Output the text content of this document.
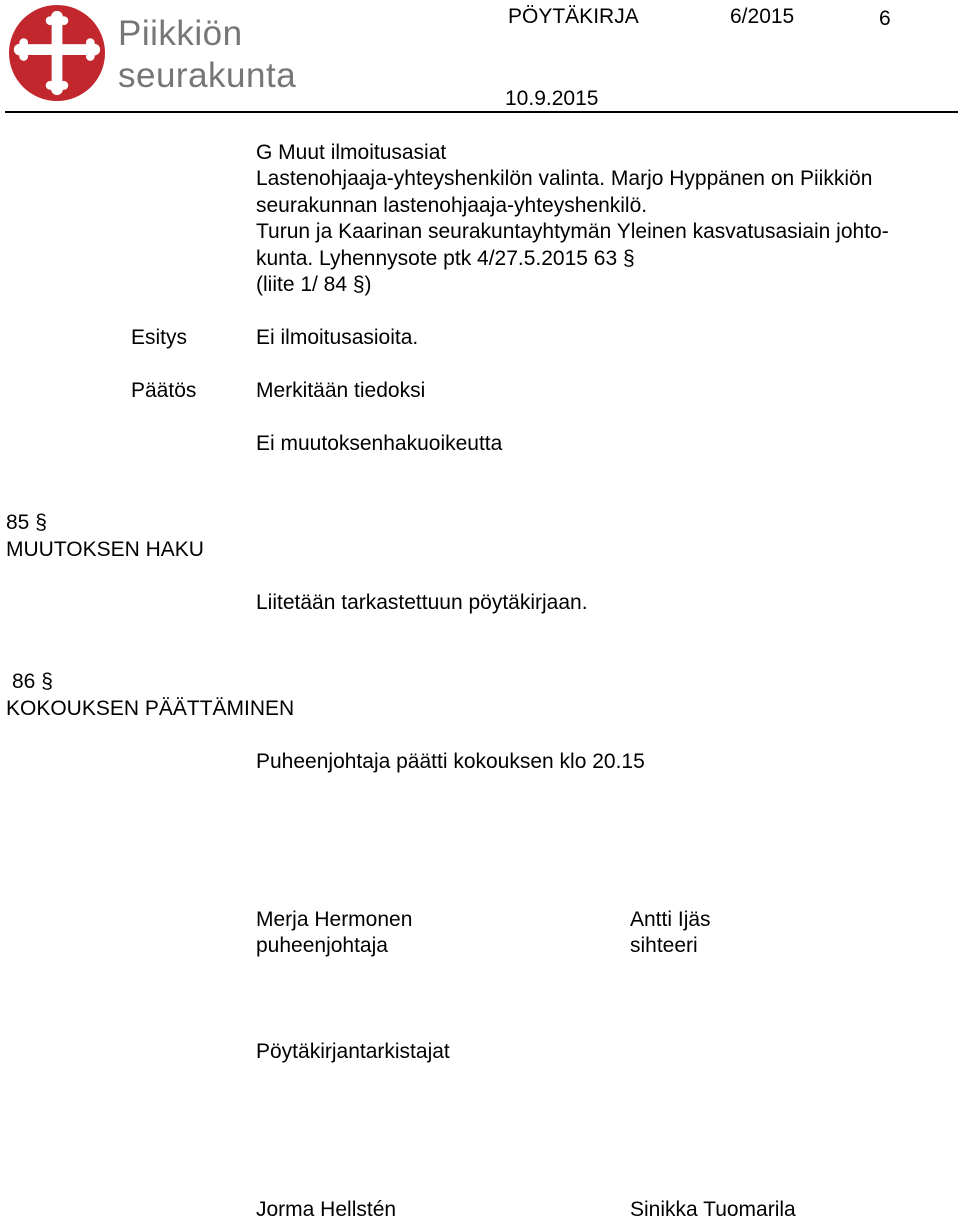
Piikkiön
seurakunta
PÖYTÄKIRJA	6/2015	6
10.9.2015
G Muut ilmoitusasiat
Lastenohjaaja-yhteyshenkilön valinta. Marjo Hyppänen on Piikkiön
seurakunnan lastenohjaaja-yhteyshenkilö.
Turun ja Kaarinan seurakuntayhtymän Yleinen kasvatusasiain johto-
kunta. Lyhennysote ptk 4/27.5.2015 63 §
(liite 1/ 84 §)
Esitys	Ei ilmoitusasioita.
Päätös	Merkitään tiedoksi
Ei muutoksenhakuoikeutta
85 §
MUUTOKSEN HAKU
Liitetään tarkastettuun pöytäkirjaan.
86 §
KOKOUKSEN PÄÄTTÄMINEN
Puheenjohtaja päätti kokouksen klo 20.15
Merja Hermonen
puheenjohtaja
Antti Ijäs
sihteeri
Pöytäkirjantarkistajat
Jorma Hellstén	Sinikka Tuomarila
